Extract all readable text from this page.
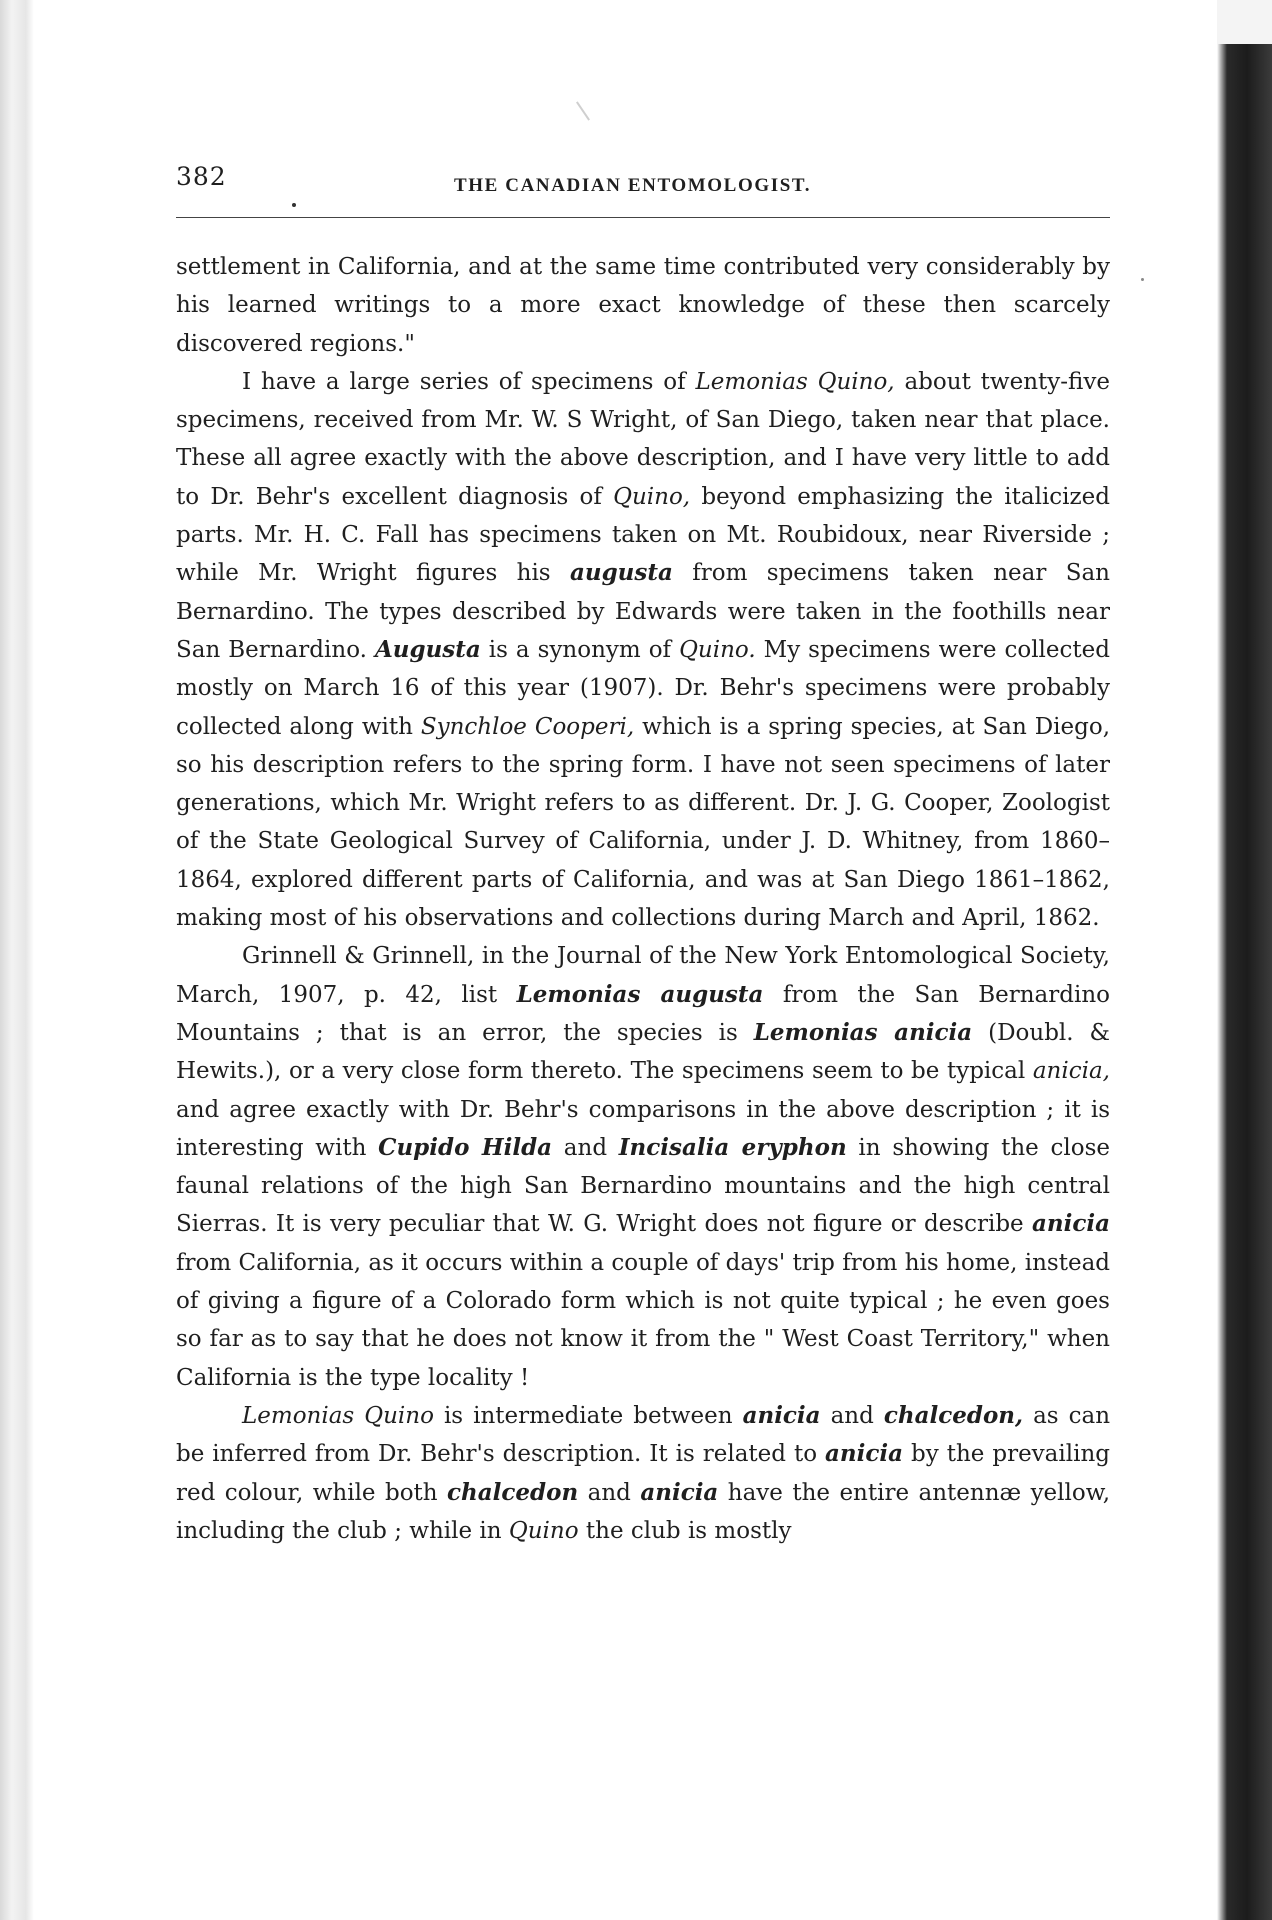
382	THE CANADIAN ENTOMOLOGIST.

settlement in California, and at the same time contributed very considerably by his learned writings to a more exact knowledge of these then scarcely discovered regions."

I have a large series of specimens of Lemonias Quino, about twenty-five specimens, received from Mr. W. S Wright, of San Diego, taken near that place. These all agree exactly with the above description, and I have very little to add to Dr. Behr's excellent diagnosis of Quino, beyond emphasizing the italicized parts. Mr. H. C. Fall has specimens taken on Mt. Roubidoux, near Riverside ; while Mr. Wright figures his augusta from specimens taken near San Bernardino. The types described by Edwards were taken in the foothills near San Bernardino. Augusta is a synonym of Quino. My specimens were collected mostly on March 16 of this year (1907). Dr. Behr's specimens were probably collected along with Synchloe Cooperi, which is a spring species, at San Diego, so his description refers to the spring form. I have not seen specimens of later generations, which Mr. Wright refers to as different. Dr. J. G. Cooper, Zoologist of the State Geological Survey of California, under J. D. Whitney, from 1860–1864, explored different parts of California, and was at San Diego 1861–1862, making most of his observations and collections during March and April, 1862.

Grinnell & Grinnell, in the Journal of the New York Entomological Society, March, 1907, p. 42, list Lemonias augusta from the San Bernardino Mountains ; that is an error, the species is Lemonias anicia (Doubl. & Hewits.), or a very close form thereto. The specimens seem to be typical anicia, and agree exactly with Dr. Behr's comparisons in the above description ; it is interesting with Cupido Hilda and Incisalia eryphon in showing the close faunal relations of the high San Bernardino mountains and the high central Sierras. It is very peculiar that W. G. Wright does not figure or describe anicia from California, as it occurs within a couple of days' trip from his home, instead of giving a figure of a Colorado form which is not quite typical ; he even goes so far as to say that he does not know it from the " West Coast Territory," when California is the type locality !

Lemonias Quino is intermediate between anicia and chalcedon, as can be inferred from Dr. Behr's description. It is related to anicia by the prevailing red colour, while both chalcedon and anicia have the entire antennæ yellow, including the club ; while in Quino the club is mostly
